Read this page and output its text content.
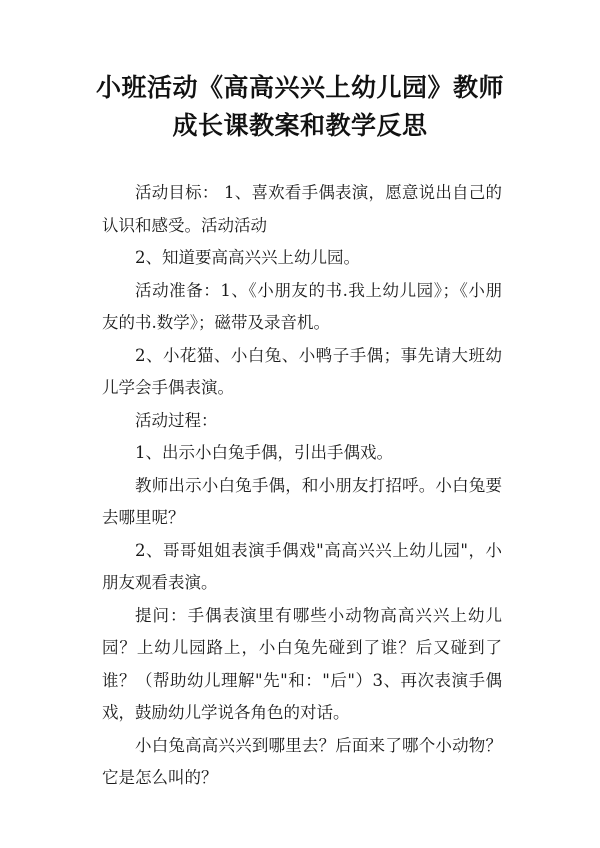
小班活动《高高兴兴上幼儿园》教师
成长课教案和教学反思

活动目标： 1、喜欢看手偶表演，愿意说出自己的认识和感受。活动活动

2、知道要高高兴兴上幼儿园。

活动准备：1、《小朋友的书.我上幼儿园》；《小朋友的书.数学》；磁带及录音机。

2、小花猫、小白兔、小鸭子手偶；事先请大班幼儿学会手偶表演。

活动过程：

1、出示小白兔手偶，引出手偶戏。

教师出示小白兔手偶，和小朋友打招呼。小白兔要去哪里呢？

2、哥哥姐姐表演手偶戏"高高兴兴上幼儿园"，小朋友观看表演。

提问：手偶表演里有哪些小动物高高兴兴上幼儿园？上幼儿园路上，小白兔先碰到了谁？后又碰到了谁？（帮助幼儿理解"先"和："后"）3、再次表演手偶戏，鼓励幼儿学说各角色的对话。

小白兔高高兴兴到哪里去？后面来了哪个小动物？它是怎么叫的？
